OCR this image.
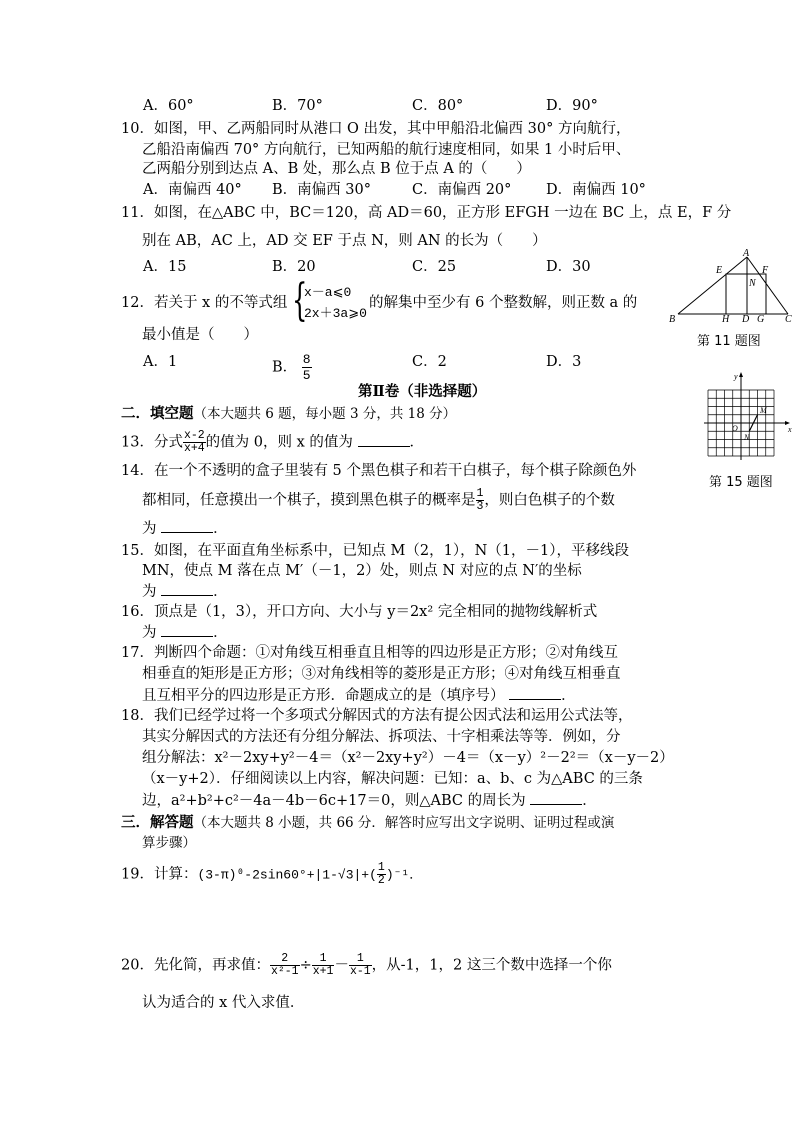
A．60°	B．70°	C．80°	D．90°
10．如图，甲、乙两船同时从港口 O 出发，其中甲船沿北偏西 30° 方向航行，
乙船沿南偏西 70° 方向航行，已知两船的航行速度相同，如果 1 小时后甲、
乙两船分别到达点 A、B 处，那么点 B 位于点 A 的（　　）
A．南偏西 40° B．南偏西 30°	C．南偏西 20° D．南偏西 10°
11．如图，在△ABC 中，BC＝120，高 AD＝60，正方形 EFGH 一边在 BC 上，点 E，F 分
别在 AB，AC 上，AD 交 EF 于点 N，则 AN 的长为（　　）
A．15	B．20	C．25	D．30
A
E	F
N
B	H D G C
第 11 题图
12．若关于 x 的不等式组 {
x－a⩽0
2x＋3a⩾0
的解集中至少有 6 个整数解，则正数 a 的
最小值是（　　）
A．1	B． $\frac{8}{5}$	C．2	D．3
第Ⅱ卷（非选择题）
二．填空题（本大题共 6 题，每小题 3 分，共 18 分）
13．分式 $\frac{x-2}{x+4}$ 的值为 0，则 x 的值为	．
y
x
O
M
N
第 15 题图
14．在一个不透明的盒子里装有 5 个黑色棋子和若干白棋子，每个棋子除颜色外
都相同，任意摸出一个棋子，摸到黑色棋子的概率是 $\frac{1}{3}$ ，则白色棋子的个数
为	．
15．如图，在平面直角坐标系中，已知点 M（2，1），N（1，－1），平移线段
MN，使点 M 落在点 M′（－1，2）处，则点 N 对应的点 N′的坐标
为	．
16．顶点是（1，3），开口方向、大小与 y＝2x² 完全相同的抛物线解析式
为	．
17．判断四个命题：①对角线互相垂直且相等的四边形是正方形；②对角线互
相垂直的矩形是正方形；③对角线相等的菱形是正方形；④对角线互相垂直
且互相平分的四边形是正方形．命题成立的是（填序号）	．
18．我们已经学过将一个多项式分解因式的方法有提公因式法和运用公式法等，
其实分解因式的方法还有分组分解法、拆项法、十字相乘法等等．例如，分
组分解法：x²－2xy+y²－4＝（x²－2xy+y²）－4＝（x－y）²－2²＝（x－y－2）
（x－y+2）．仔细阅读以上内容，解决问题：已知：a、b、c 为△ABC 的三条
边，a²+b²+c²－4a－4b－6c+17＝0，则△ABC 的周长为	．
三．解答题（本大题共 8 小题，共 66 分．解答时应写出文字说明、证明过程或演
算步骤）
19．计算：$(3-\pi)^0-2\sin 60^\circ+|1-√3|+( \frac{1}{2} )^{-1}$．
20．先化简，再求值： $\frac{2}{\text{x²-1}} \div \frac{1}{x+1} - \frac{1}{x-1}$ ，从-1，1，2 这三个数中选择一个你
认为适合的 x 代入求值．
